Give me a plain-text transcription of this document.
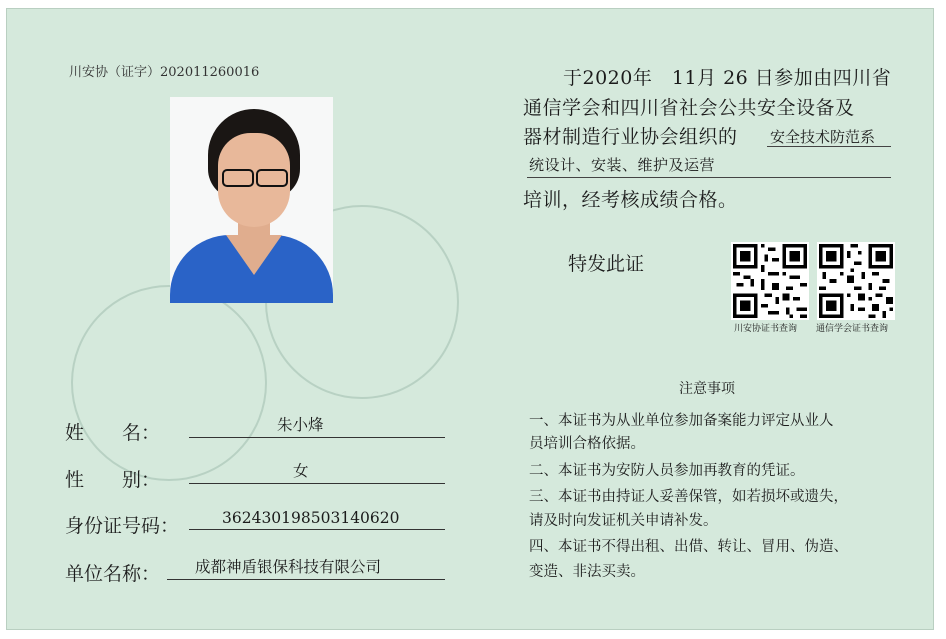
川安协（证字）202011260016	于2020年　11月 26 日参加由四川省
通信学会和四川省社会公共安全设备及
器材制造行业协会组织的 安全技术防范系
统设计、安装、维护及运营
培训，经考核成绩合格。
特发此证
川安协证书查询 通信学会证书查询
注意事项
一、本证书为从业单位参加备案能力评定从业人
员培训合格依据。
二、本证书为安防人员参加再教育的凭证。
三、本证书由持证人妥善保管，如若损坏或遗失，
请及时向发证机关申请补发。
四、本证书不得出租、出借、转让、冒用、伪造、
变造、非法买卖。
姓　　名：	朱小烽
性　　别：	女
身份证号码：	362430198503140620
单位名称： 成都神盾银保科技有限公司
